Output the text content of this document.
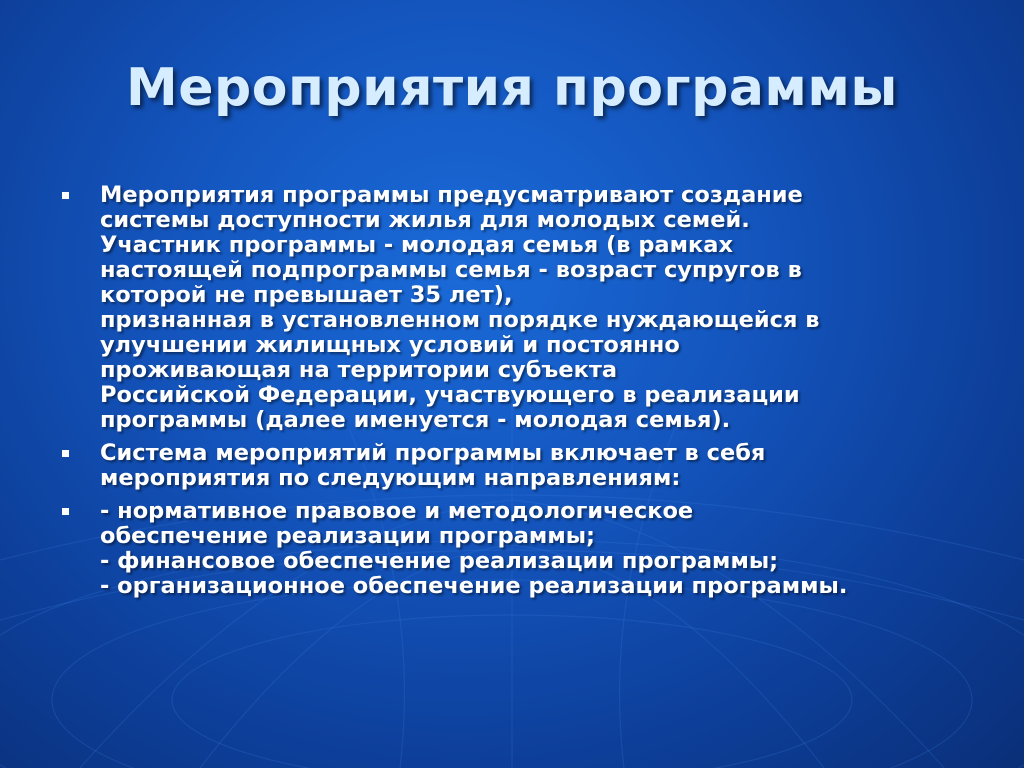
Мероприятия программы
Мероприятия программы предусматривают создание
системы доступности жилья для молодых семей.
Участник программы - молодая семья (в рамках
настоящей подпрограммы семья - возраст супругов в
которой не превышает 35 лет),
признанная в установленном порядке нуждающейся в
улучшении жилищных условий и постоянно
проживающая на территории субъекта
Российской Федерации, участвующего в реализации
программы (далее именуется - молодая семья).
Система мероприятий программы включает в себя
мероприятия по следующим направлениям:
- нормативное правовое и методологическое
обеспечение реализации программы;
- финансовое обеспечение реализации программы;
- организационное обеспечение реализации программы.
